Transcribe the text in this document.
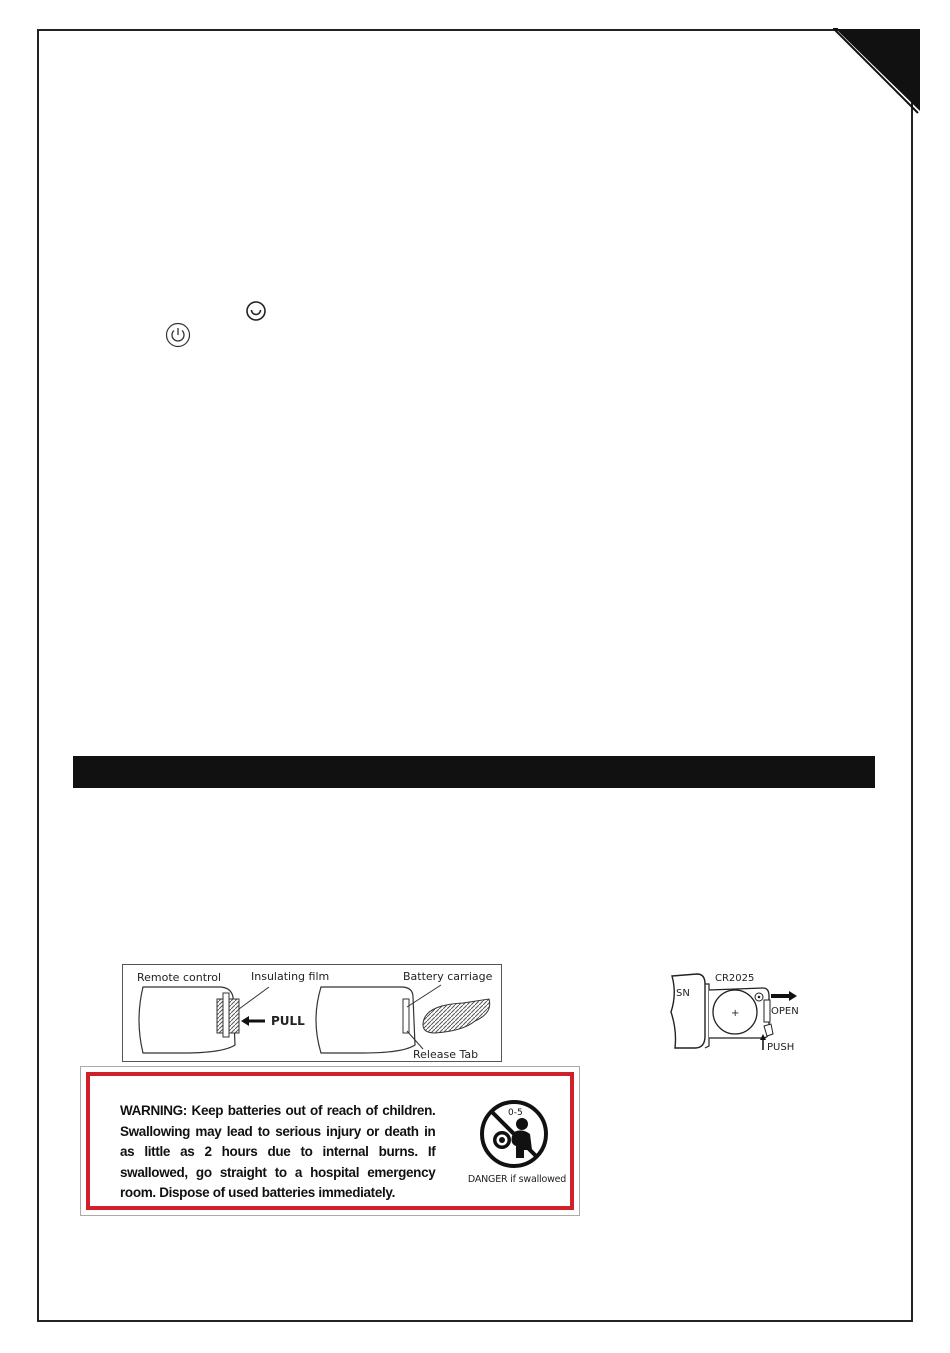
Remote control	Insulating film
PULL
Battery carriage
Release Tab
WARNING: Keep batteries out of reach of children. Swallowing may lead to serious injury or death in as little as 2 hours due to internal burns. If swallowed, go straight to a hospital emergency room. Dispose of used batteries immediately.
0-5
DANGER if swallowed
SN
CR2025
+	OPEN
PUSH
